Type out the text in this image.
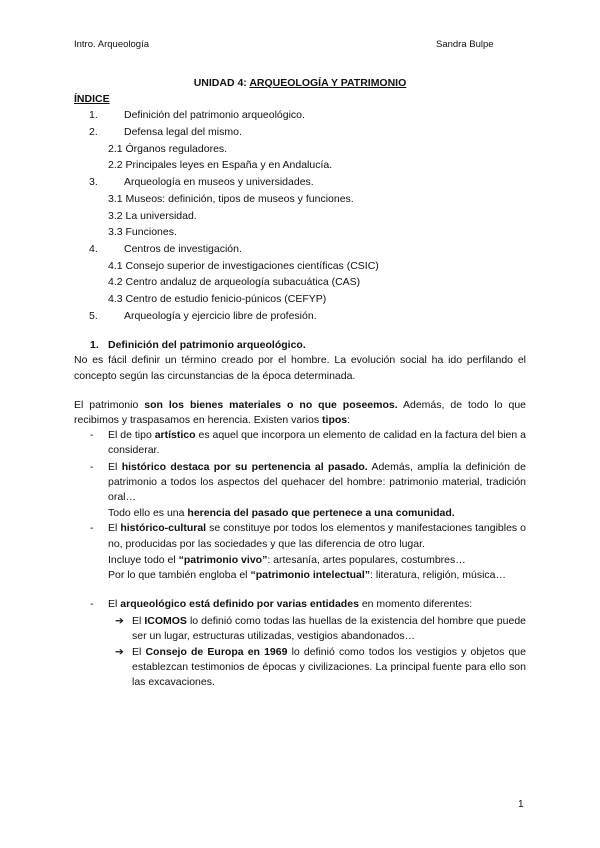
Intro. Arqueología	Sandra Bulpe
UNIDAD 4: ARQUEOLOGÍA Y PATRIMONIO
ÍNDICE
1. Definición del patrimonio arqueológico.
2. Defensa legal del mismo.
2.1 Órganos reguladores.
2.2 Principales leyes en España y en Andalucía.
3. Arqueología en museos y universidades.
3.1 Museos: definición, tipos de museos y funciones.
3.2 La universidad.
3.3 Funciones.
4. Centros de investigación.
4.1 Consejo superior de investigaciones científicas (CSIC)
4.2 Centro andaluz de arqueología subacuática (CAS)
4.3 Centro de estudio fenicio-púnicos (CEFYP)
5. Arqueología y ejercicio libre de profesión.
1. Definición del patrimonio arqueológico.

No es fácil definir un término creado por el hombre. La evolución social ha ido perfilando el concepto según las circunstancias de la época determinada.

El patrimonio son los bienes materiales o no que poseemos. Además, de todo lo que recibimos y traspasamos en herencia. Existen varios tipos:

- El de tipo artístico es aquel que incorpora un elemento de calidad en la factura del bien a considerar.
- El histórico destaca por su pertenencia al pasado. Además, amplía la definición de patrimonio a todos los aspectos del quehacer del hombre: patrimonio material, tradición oral…
Todo ello es una herencia del pasado que pertenece a una comunidad.
- El histórico-cultural se constituye por todos los elementos y manifestaciones tangibles o no, producidas por las sociedades y que las diferencia de otro lugar.
Incluye todo el “patrimonio vivo”: artesanía, artes populares, costumbres…
Por lo que también engloba el “patrimonio intelectual”: literatura, religión, música…
- El arqueológico está definido por varias entidades en momento diferentes:
➔ El ICOMOS lo definió como todas las huellas de la existencia del hombre que puede ser un lugar, estructuras utilizadas, vestigios abandonados…
➔ El Consejo de Europa en 1969 lo definió como todos los vestigios y objetos que establezcan testimonios de épocas y civilizaciones. La principal fuente para ello son las excavaciones.
1
